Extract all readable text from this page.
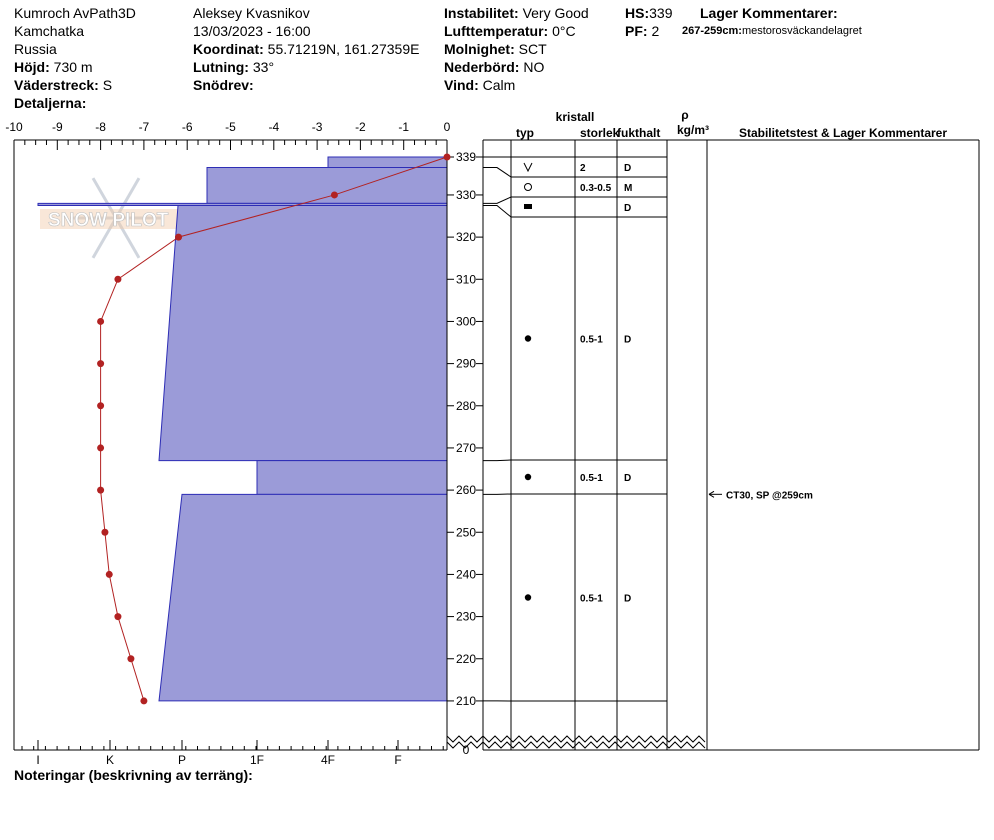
Kumroch AvPath3D
Kamchatka
Russia
Höjd: 730 m
Väderstreck: S
Detaljerna:
Aleksey Kvasnikov
13/03/2023 - 16:00
Koordinat: 55.71219N, 161.27359E
Lutning: 33°
Snödrev:
Instabilitet: Very Good
Lufttemperatur: 0°C
Molnighet: SCT
Nederbörd: NO
Vind: Calm
HS:339
PF: 2
Lager Kommentarer:
267-259cm:mestorosväckandelagret
Noteringar (beskrivning av terräng):
SNOW PILOT
-10 -9	-8	-7	-6	-5	-4	-3	-2	-1	0
I	K	P	1F	4F	F
339
330
320
310
300
290
280
270
260
250
240
230
220
210
0
kristall
typ	storlek
fukthalt
ρ
kg/m³ Stabilitetstest & Lager Kommentarer
2	D
0.3-0.5 M
D
0.5-1 D
0.5-1 D
0.5-1 D
CT30, SP @259cm
